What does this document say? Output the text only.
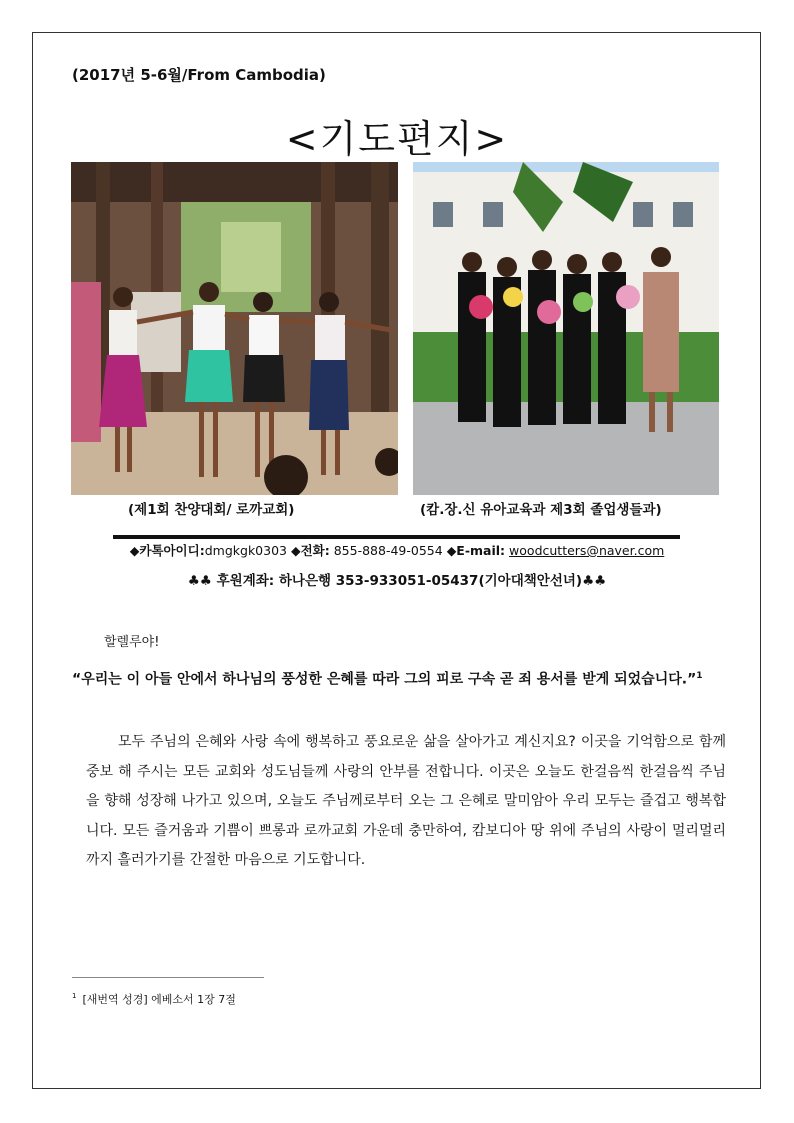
(2017년 5-6월/From Cambodia)
<기도편지>
(제1회 찬양대회/ 로까교회)	(캄.장.신 유아교육과 제3회 졸업생들과)
◆카톡아이디:dmgkgk0303 ◆전화: 855-888-49-0554 ◆E-mail: woodcutters@naver.com
♣♣ 후원계좌: 하나은행 353-933051-05437(기아대책안선녀)♣♣
할렐루야!
“우리는 이 아들 안에서 하나님의 풍성한 은혜를 따라 그의 피로 구속 곧 죄 용서를 받게 되었습니다.”$^1$
모두 주님의 은혜와 사랑 속에 행복하고 풍요로운 삶을 살아가고 계신지요? 이곳을 기억함으로 함께 중보 해 주시는 모든 교회와 성도님들께 사랑의 안부를 전합니다. 이곳은 오늘도 한걸음씩 한걸음씩 주님을 향해 성장해 나가고 있으며, 오늘도 주님께로부터 오는 그 은혜로 말미암아 우리 모두는 즐겁고 행복합니다. 모든 즐거움과 기쁨이 쁘롱과 로까교회 가운데 충만하여, 캄보디아 땅 위에 주님의 사랑이 멀리멀리까지 흘러가기를 간절한 마음으로 기도합니다.
$^1$ [새번역 성경] 에베소서 1장 7절
